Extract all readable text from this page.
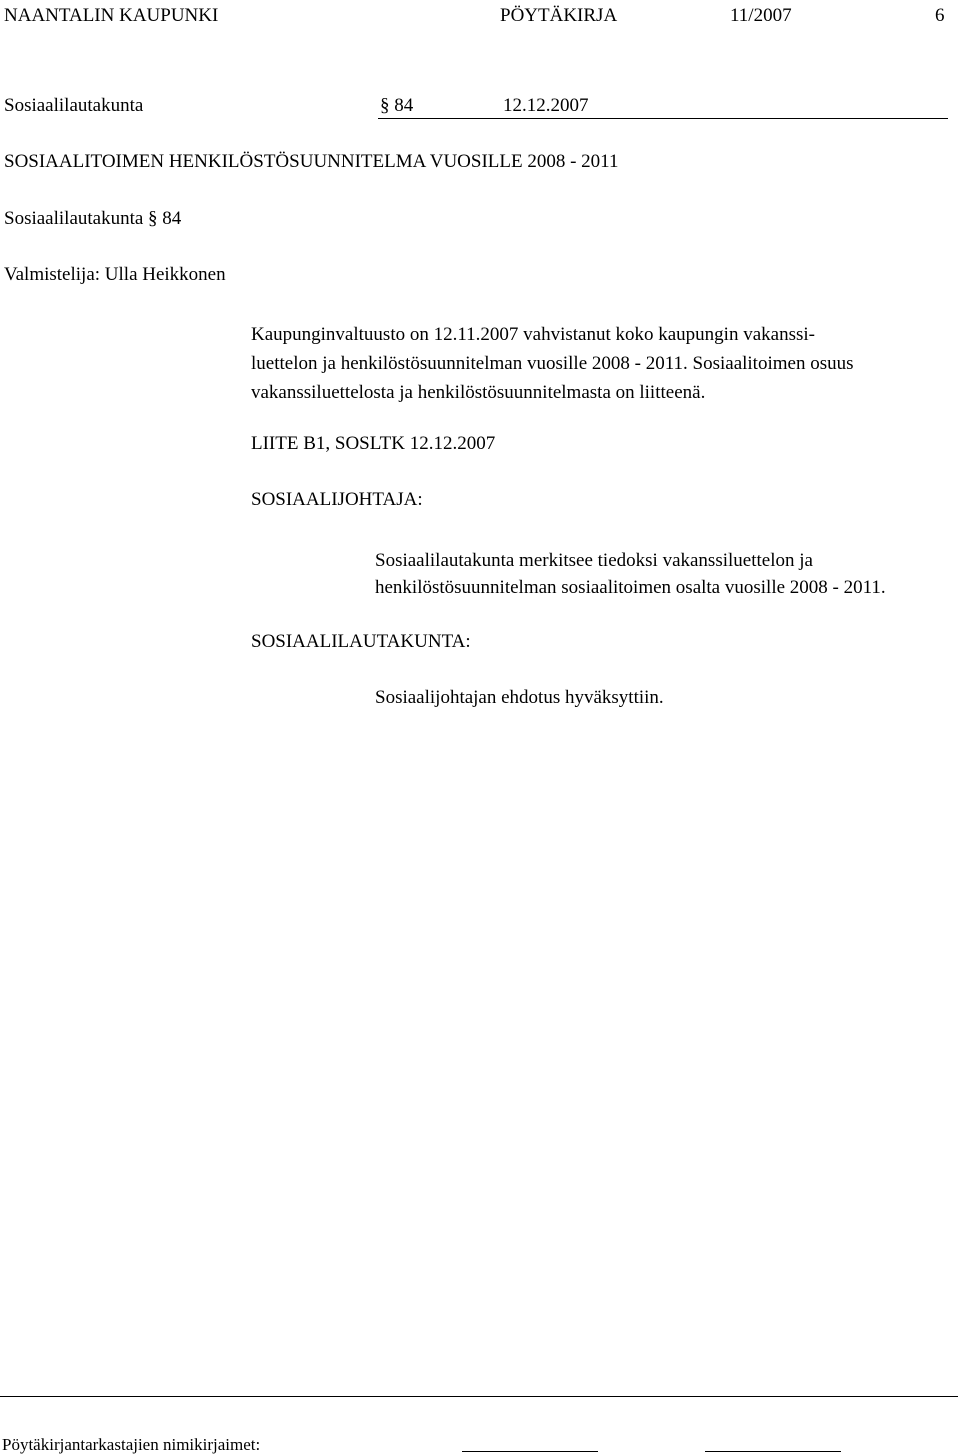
NAANTALIN KAUPUNKI	PÖYTÄKIRJA	11/2007	6
Sosiaalilautakunta	§ 84	12.12.2007
SOSIAALITOIMEN HENKILÖSTÖSUUNNITELMA VUOSILLE 2008 - 2011
Sosiaalilautakunta § 84
Valmistelija: Ulla Heikkonen
Kaupunginvaltuusto on 12.11.2007 vahvistanut koko kaupungin vakanssi-
luettelon ja henkilöstösuunnitelman vuosille 2008 - 2011. Sosiaalitoimen osuus
vakanssiluettelosta ja henkilöstösuunnitelmasta on liitteenä.
LIITE B1, SOSLTK 12.12.2007
SOSIAALIJOHTAJA:
Sosiaalilautakunta merkitsee tiedoksi vakanssiluettelon ja
henkilöstösuunnitelman sosiaalitoimen osalta vuosille 2008 - 2011.
SOSIAALILAUTAKUNTA:
Sosiaalijohtajan ehdotus hyväksyttiin.
Pöytäkirjantarkastajien nimikirjaimet:
